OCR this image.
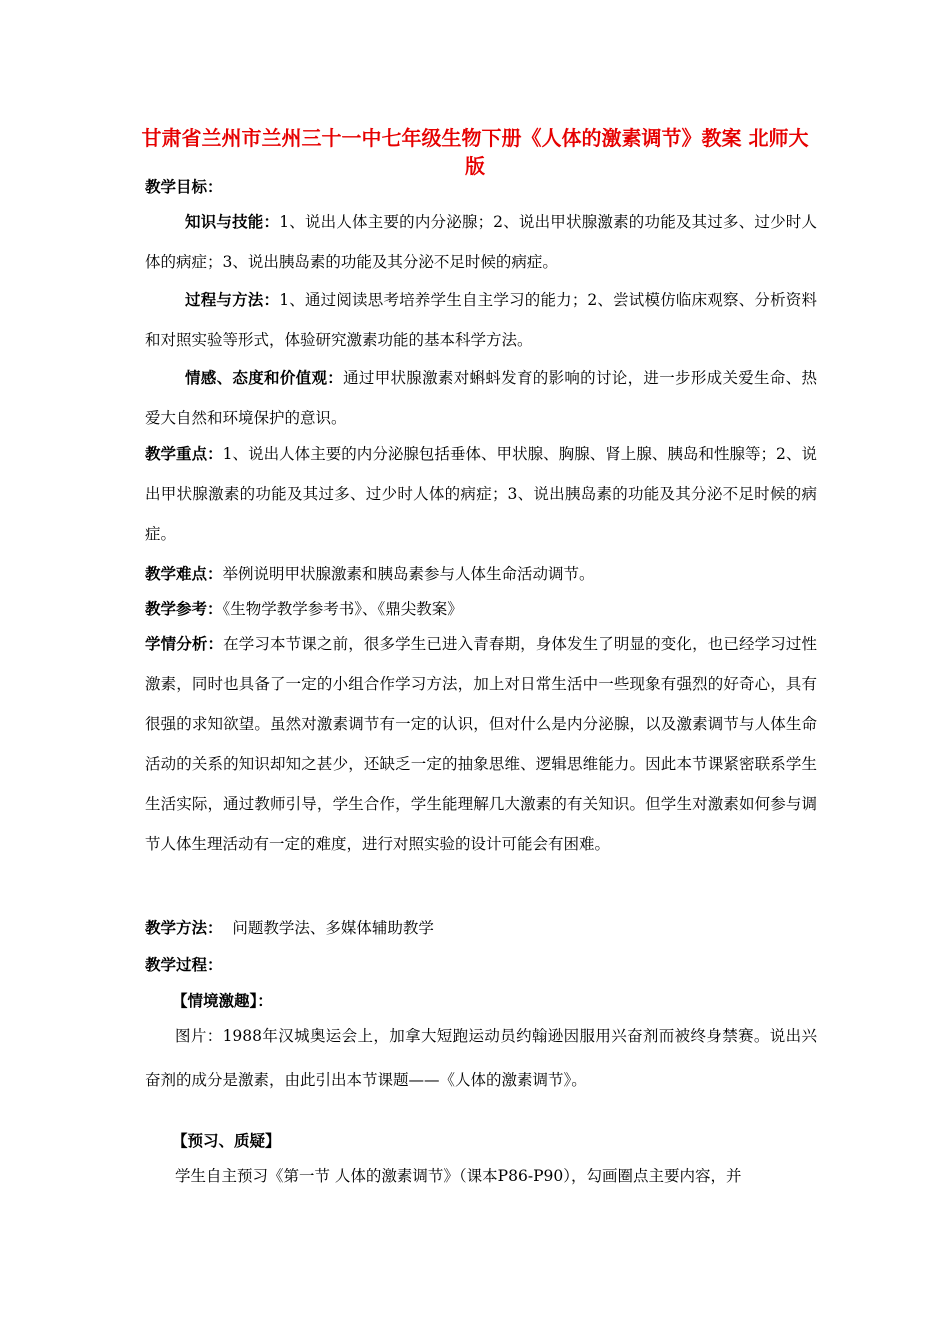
甘肃省兰州市兰州三十一中七年级生物下册《人体的激素调节》教案 北师大版
教学目标：
知识与技能：1、说出人体主要的内分泌腺；2、说出甲状腺激素的功能及其过多、过少时人体的病症；3、说出胰岛素的功能及其分泌不足时候的病症。
过程与方法：1、通过阅读思考培养学生自主学习的能力；2、尝试模仿临床观察、分析资料和对照实验等形式，体验研究激素功能的基本科学方法。
情感、态度和价值观：通过甲状腺激素对蝌蚪发育的影响的讨论，进一步形成关爱生命、热爱大自然和环境保护的意识。
教学重点：1、说出人体主要的内分泌腺包括垂体、甲状腺、胸腺、肾上腺、胰岛和性腺等；2、说出甲状腺激素的功能及其过多、过少时人体的病症；3、说出胰岛素的功能及其分泌不足时候的病症。
教学难点：举例说明甲状腺激素和胰岛素参与人体生命活动调节。
教学参考：《生物学教学参考书》、《鼎尖教案》
学情分析：在学习本节课之前，很多学生已进入青春期，身体发生了明显的变化，也已经学习过性激素，同时也具备了一定的小组合作学习方法，加上对日常生活中一些现象有强烈的好奇心，具有很强的求知欲望。虽然对激素调节有一定的认识，但对什么是内分泌腺，以及激素调节与人体生命活动的关系的知识却知之甚少，还缺乏一定的抽象思维、逻辑思维能力。因此本节课紧密联系学生生活实际，通过教师引导，学生合作，学生能理解几大激素的有关知识。但学生对激素如何参与调节人体生理活动有一定的难度，进行对照实验的设计可能会有困难。
教学方法： 问题教学法、多媒体辅助教学
教学过程：
【情境激趣】：
图片：1988年汉城奥运会上，加拿大短跑运动员约翰逊因服用兴奋剂而被终身禁赛。说出兴奋剂的成分是激素，由此引出本节课题——《人体的激素调节》。
【预习、质疑】
学生自主预习《第一节 人体的激素调节》（课本P86-P90），勾画圈点主要内容，并
